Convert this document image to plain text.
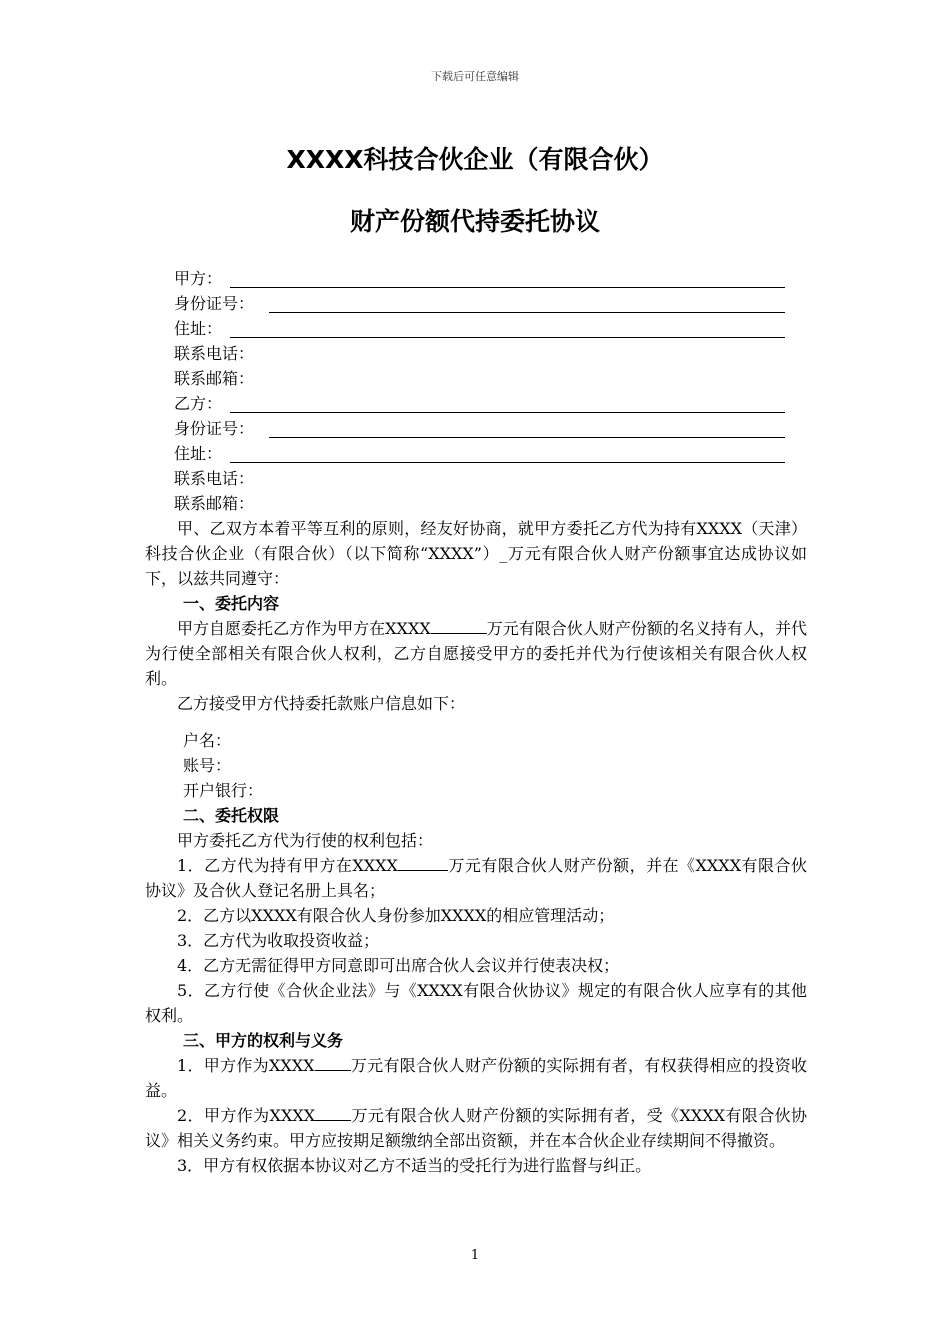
下载后可任意编辑
XXXX科技合伙企业（有限合伙）
财产份额代持委托协议
甲方：
身份证号：
住址：
联系电话：
联系邮箱：
乙方：
身份证号：
住址：
联系电话：
联系邮箱：
甲、乙双方本着平等互利的原则，经友好协商，就甲方委托乙方代为持有XXXX（天津）科技合伙企业（有限合伙）（以下简称“XXXX”）_万元有限合伙人财产份额事宜达成协议如下，以兹共同遵守：
一、委托内容
甲方自愿委托乙方作为甲方在XXXX	万元有限合伙人财产份额的名义持有人，并代为行使全部相关有限合伙人权利，乙方自愿接受甲方的委托并代为行使该相关有限合伙人权利。
乙方接受甲方代持委托款账户信息如下：
户名：
账号：
开户银行：
二、委托权限
甲方委托乙方代为行使的权利包括：
1．乙方代为持有甲方在XXXX	万元有限合伙人财产份额，并在《XXXX有限合伙协议》及合伙人登记名册上具名；
2．乙方以XXXX有限合伙人身份参加XXXX的相应管理活动；
3．乙方代为收取投资收益；
4．乙方无需征得甲方同意即可出席合伙人会议并行使表决权；
5．乙方行使《合伙企业法》与《XXXX有限合伙协议》规定的有限合伙人应享有的其他权利。
三、甲方的权利与义务
1．甲方作为XXXX 万元有限合伙人财产份额的实际拥有者，有权获得相应的投资收益。
2．甲方作为XXXX 万元有限合伙人财产份额的实际拥有者，受《XXXX有限合伙协议》相关义务约束。甲方应按期足额缴纳全部出资额，并在本合伙企业存续期间不得撤资。
3．甲方有权依据本协议对乙方不适当的受托行为进行监督与纠正。
1
